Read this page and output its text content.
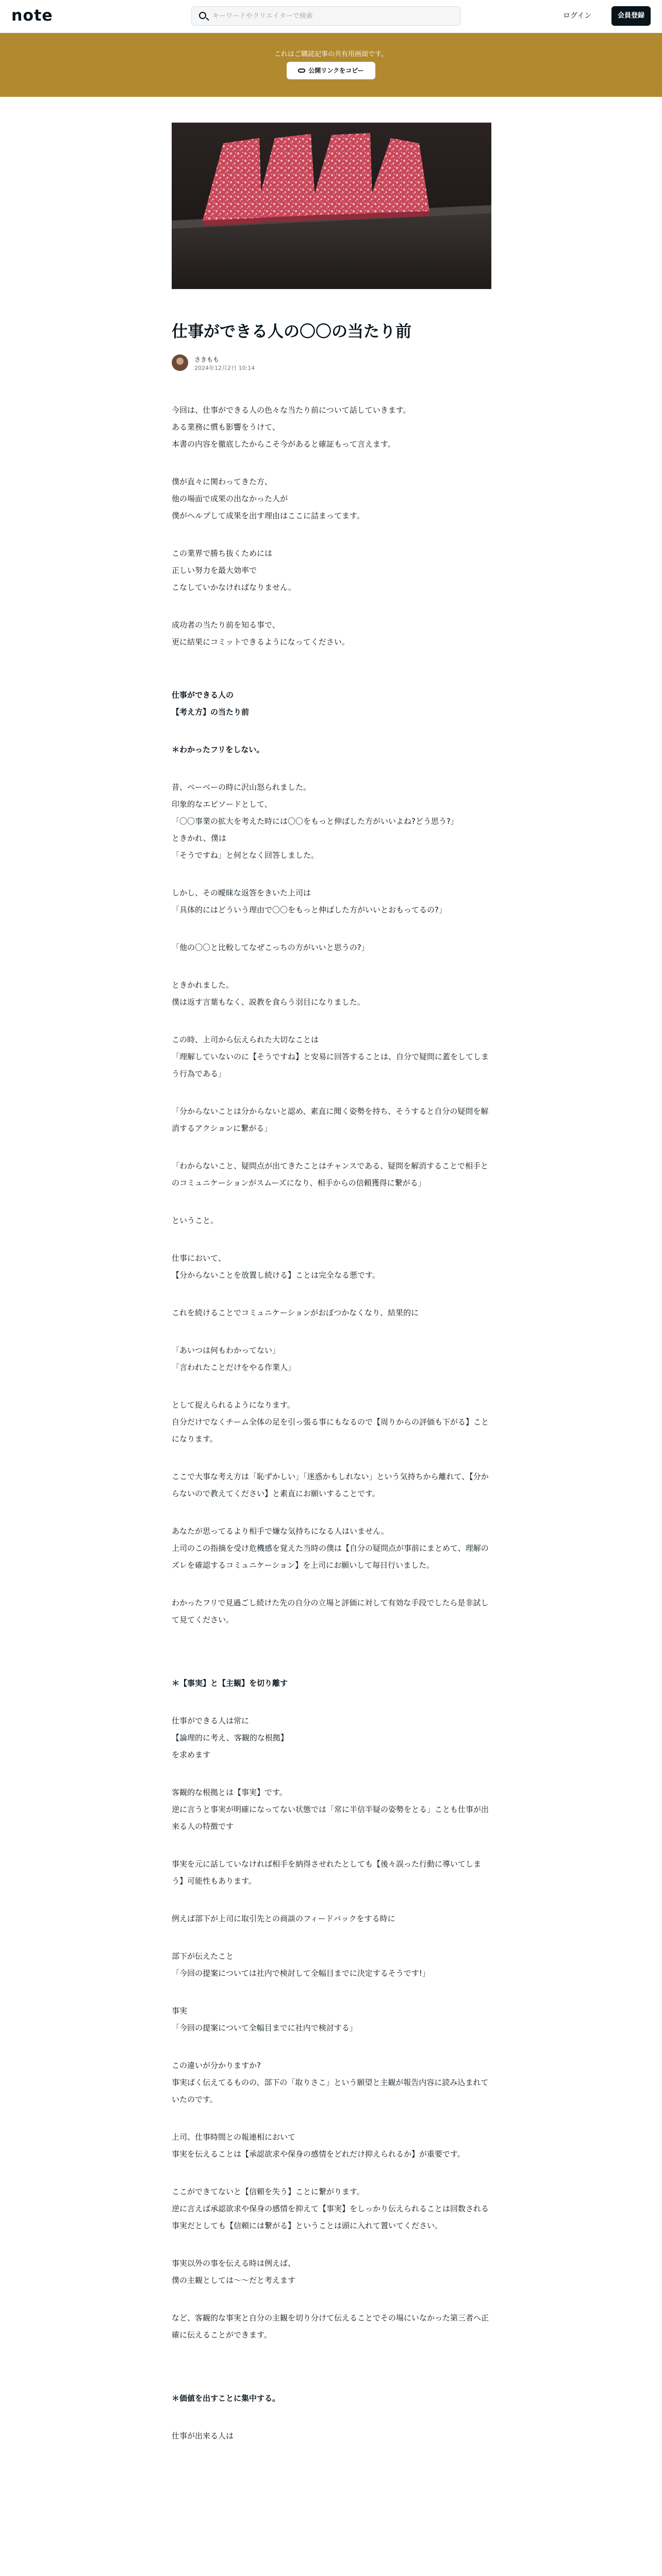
note
キーワードやクリエイターで検索	ログイン	会員登録
これはご購読記事の共有用画面です。
公開リンクをコピー
仕事ができる人の〇〇の当たり前
さきもも
2024年12月2日 10:14

今回は、仕事ができる人の色々な当たり前について話していきます。
ある業務に慣も影響をうけて、
本書の内容を徹底したからこそ今があると確証もって言えます。

僕が直々に関わってきた方、
他の場面で成果の出なかった人が
僕がヘルプして成果を出す理由はここに詰まってます。

この業界で勝ち抜くためには
正しい努力を最大効率で
こなしていかなければなりません。

成功者の当たり前を知る事で、
更に結果にコミットできるようになってください。

仕事ができる人の
【考え方】の当たり前

＊わかったフリをしない。

昔、ベーベーの時に沢山怒られました。
印象的なエピソードとして、
「〇〇事業の拡大を考えた時には〇〇をもっと伸ばした方がいいよね?どう思う?」
ときかれ、僕は
「そうですね」と何となく回答しました。

しかし、その曖昧な返答をきいた上司は
「具体的にはどういう理由で〇〇をもっと伸ばした方がいいとおもってるの?」

「他の〇〇と比較してなぜこっちの方がいいと思うの?」

ときかれました。
僕は返す言葉もなく、説教を食らう羽目になりました。

この時、上司から伝えられた大切なことは
「理解していないのに【そうですね】と安易に回答することは、自分で疑問に蓋をしてしまう行為である」

「分からないことは分からないと認め、素直に聞く姿勢を持ち、そうすると自分の疑問を解消するアクションに繋がる」

「わからないこと、疑問点が出てきたことはチャンスである、疑問を解消することで相手とのコミュニケーションがスムーズになり、相手からの信頼獲得に繋がる」

ということ。

仕事において、
【分からないことを放置し続ける】ことは完全なる悪です。

これを続けることでコミュニケーションがおぼつかなくなり、結果的に

「あいつは何もわかってない」
「言われたことだけをやる作業人」

として捉えられるようになります。
自分だけでなくチーム全体の足を引っ張る事にもなるので【周りからの評価も下がる】ことになります。

ここで大事な考え方は「恥ずかしい」「迷惑かもしれない」という気持ちから離れて、【分からないので教えてください】と素直にお願いすることです。

あなたが思ってるより相手で嫌な気持ちになる人はいません。
上司のこの指摘を受け危機感を覚えた当時の僕は【自分の疑問点が事前にまとめて、理解のズレを確認するコミュニケーション】を上司にお願いして毎日行いました。

わかったフリで見過ごし続けた先の自分の立場と評価に対して有効な手段でしたら是非試して見てください。

＊【事実】と【主観】を切り離す

仕事ができる人は常に
【論理的に考え、客観的な根拠】
を求めます

客観的な根拠とは【事実】です。
逆に言うと事実が明確になってない状態では「常に半信半疑の姿勢をとる」ことも仕事が出来る人の特徴です

事実を元に話していなければ相手を納得させれたとしても【後々誤った行動に導いてしまう】可能性もあります。

例えば部下が上司に取引先との商談のフィードバックをする時に

部下が伝えたこと
「今回の提案については社内で検討して全幅目までに決定するそうです!」

事実
「今回の提案について全幅目までに社内で検討する」

この違いが分かりますか?
事実ばく伝えてるものの、部下の「取りさこ」という願望と主観が報告内容に読み込まれていたのです。

上司、仕事時間との報連相において
事実を伝えることは【承認欲求や保身の感情をどれだけ抑えられるか】が重要です。

ここができてないと【信頼を失う】ことに繋がります。
逆に言えば承認欲求や保身の感情を抑えて【事実】をしっかり伝えられることは回数される事実だとしても【信頼には繋がる】ということは頭に入れて置いてください。

事実以外の事を伝える時は例えば、
僕の主観としては〜〜だと考えます

など、客観的な事実と自分の主観を切り分けて伝えることでその場にいなかった第三者へ正確に伝えることができます。

＊価値を出すことに集中する。

仕事が出来る人は
